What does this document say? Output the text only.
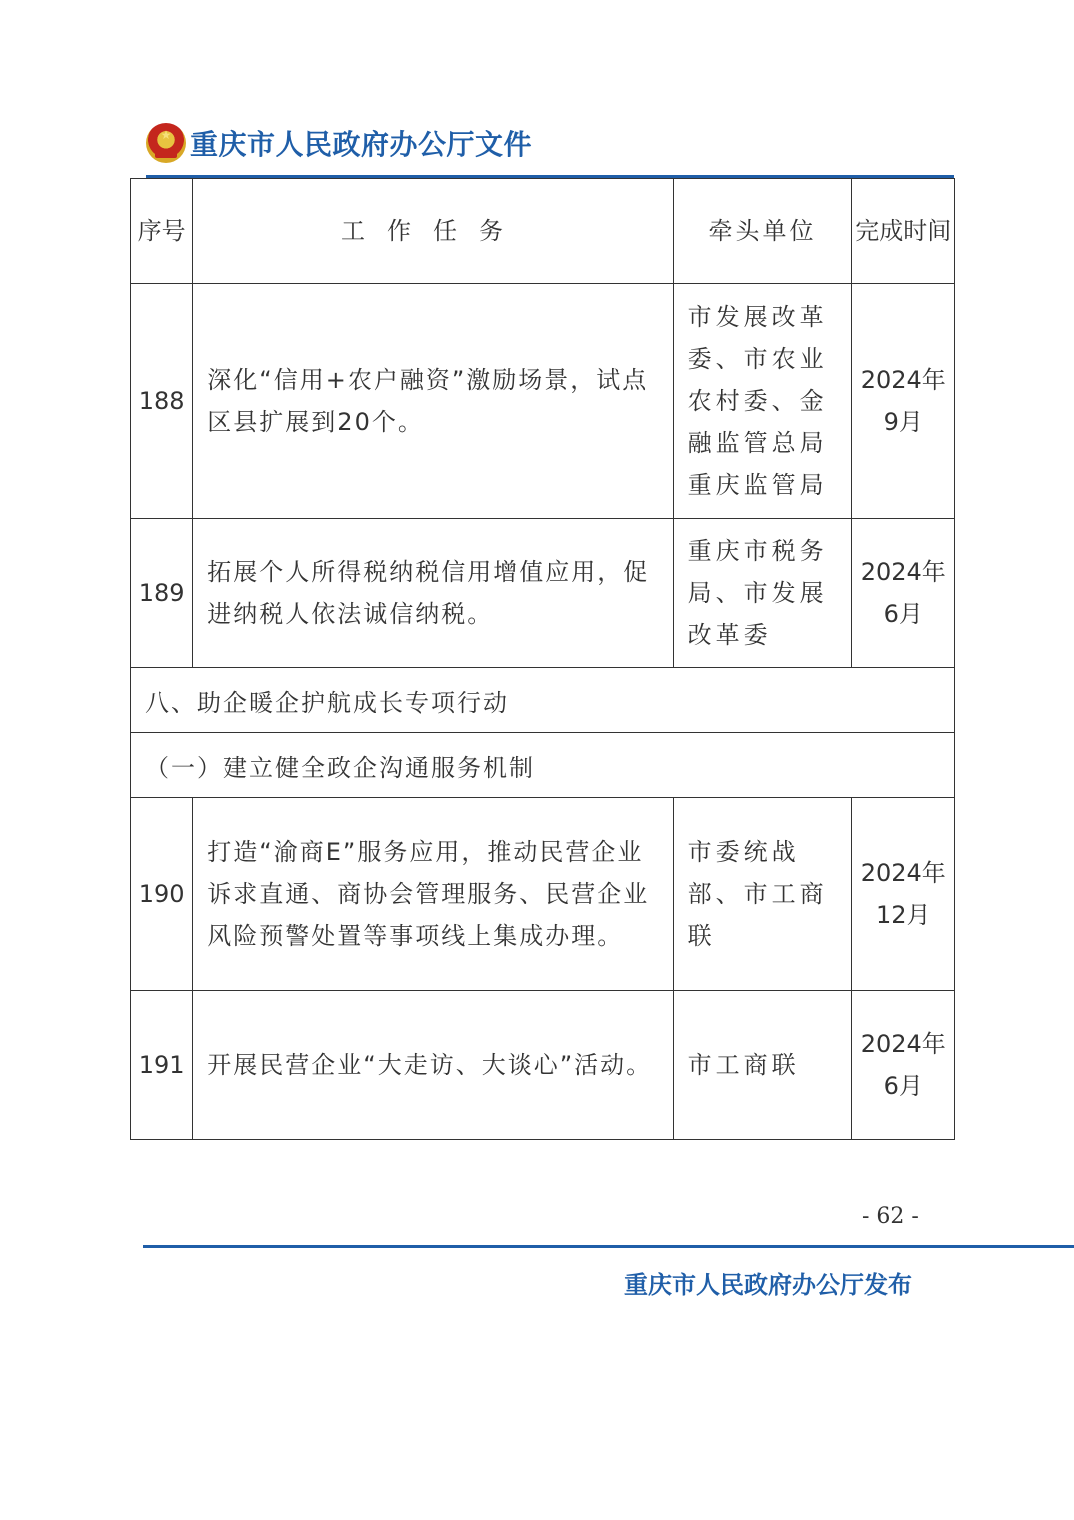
★ 重庆市人民政府办公厅文件
序号	工作任务	牵头单位	完成时间
188	深化“信用+农户融资”激励场景，试点区县扩展到20个。	市发展改革委、市农业农村委、金融监管总局重庆监管局	2024年9月
189	拓展个人所得税纳税信用增值应用，促进纳税人依法诚信纳税。	重庆市税务局、市发展改革委	2024年6月
八、助企暖企护航成长专项行动			
（一）建立健全政企沟通服务机制			
190	打造“渝商E”服务应用，推动民营企业诉求直通、商协会管理服务、民营企业风险预警处置等事项线上集成办理。	市委统战部、市工商联	2024年12月
191	开展民营企业“大走访、大谈心”活动。	市工商联	2024年6月
- 62 -
重庆市人民政府办公厅发布
